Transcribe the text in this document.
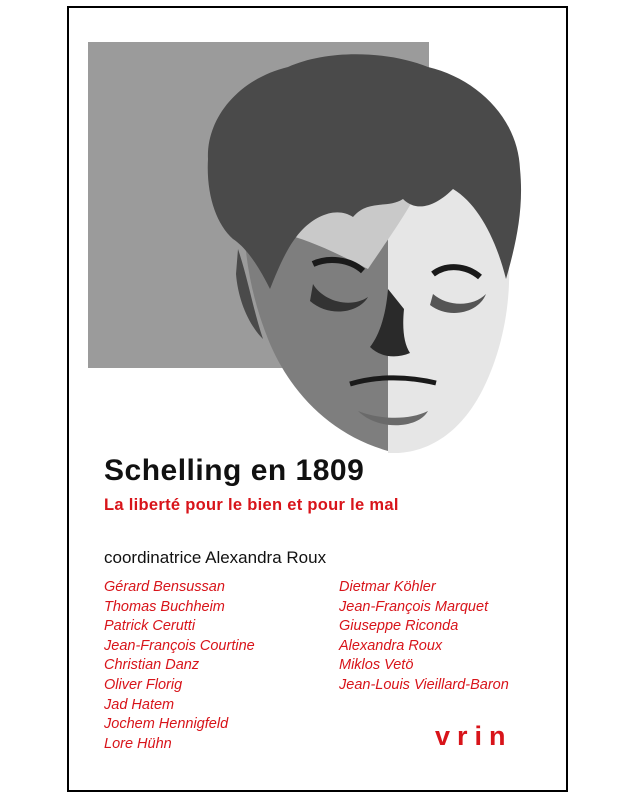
Schelling en 1809
La liberté pour le bien et pour le mal

coordinatrice Alexandra Roux

Gérard Bensussan
Thomas Buchheim
Patrick Cerutti
Jean-François Courtine
Christian Danz
Oliver Florig
Jad Hatem
Jochem Hennigfeld
Lore Hühn
Dietmar Köhler
Jean-François Marquet
Giuseppe Riconda
Alexandra Roux
Miklos Vetö
Jean-Louis Vieillard-Baron

vrin
